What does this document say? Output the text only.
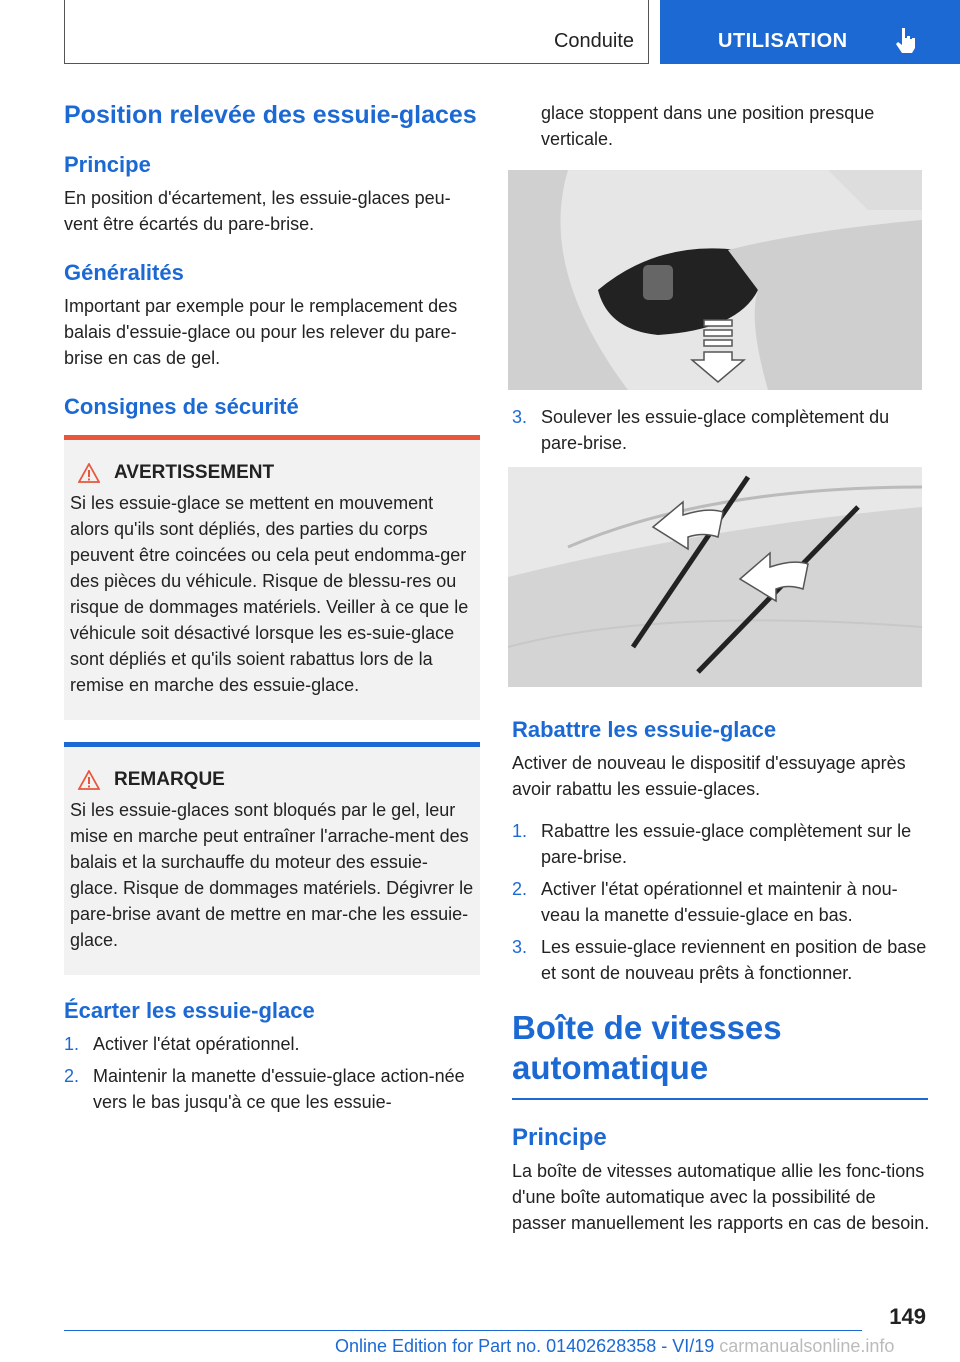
Conduite	UTILISATION
Position relevée des essuie-glaces
Principe

En position d'écartement, les essuie-glaces peu-vent être écartés du pare-brise.

Généralités

Important par exemple pour le remplacement des balais d'essuie-glace ou pour les relever du pare-brise en cas de gel.

Consignes de sécurité
AVERTISSEMENT

Si les essuie-glace se mettent en mouvement alors qu'ils sont dépliés, des parties du corps peuvent être coincées ou cela peut endomma-ger des pièces du véhicule. Risque de blessu-res ou risque de dommages matériels. Veiller à ce que le véhicule soit désactivé lorsque les es-suie-glace sont dépliés et qu'ils soient rabattus lors de la remise en marche des essuie-glace.

REMARQUE

Si les essuie-glaces sont bloqués par le gel, leur mise en marche peut entraîner l'arrache-ment des balais et la surchauffe du moteur des essuie-glace. Risque de dommages matériels. Dégivrer le pare-brise avant de mettre en mar-che les essuie-glace.

Écarter les essuie-glace
1. Activer l'état opérationnel.
2. Maintenir la manette d'essuie-glace action-née vers le bas jusqu'à ce que les essuie-

glace stoppent dans une position presque verticale.

3. Soulever les essuie-glace complètement du pare-brise.
Rabattre les essuie-glace

Activer de nouveau le dispositif d'essuyage après avoir rabattu les essuie-glaces.

1. Rabattre les essuie-glace complètement sur le pare-brise.
2. Activer l'état opérationnel et maintenir à nou-veau la manette d'essuie-glace en bas.
3. Les essuie-glace reviennent en position de base et sont de nouveau prêts à fonctionner.

Boîte de vitesses automatique

Principe

La boîte de vitesses automatique allie les fonc-tions d'une boîte automatique avec la possibilité de passer manuellement les rapports en cas de besoin.

149
Online Edition for Part no. 01402628358 - VI/19 carmanualsonline.info
